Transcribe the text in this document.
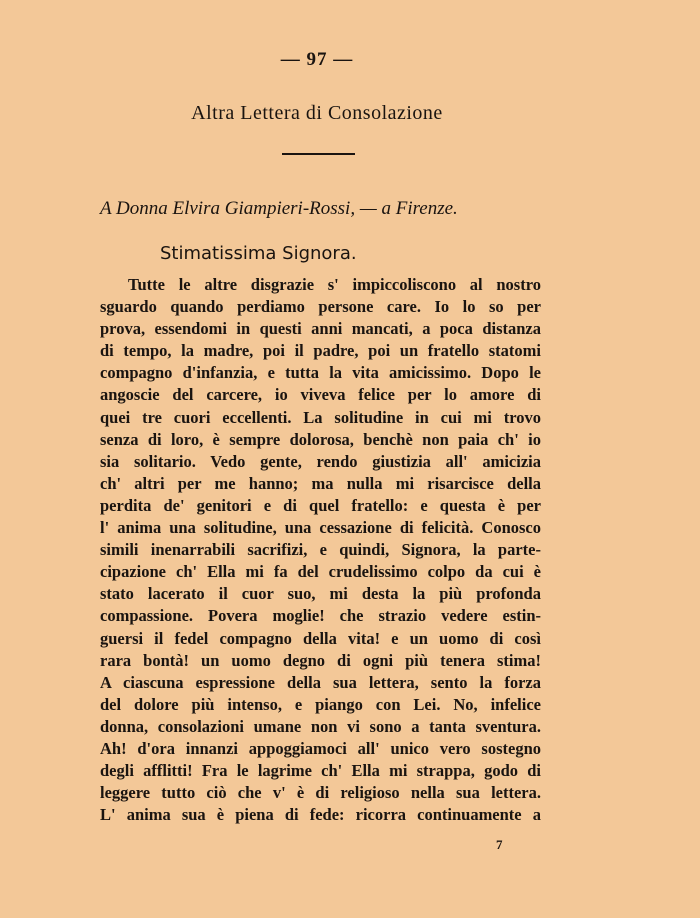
— 97 —
Altra Lettera di Consolazione
A Donna Elvira Giampieri-Rossi, — a Firenze.
Stimatissima Signora.
Tutte le altre disgrazie s' impiccoliscono al nostro
sguardo quando perdiamo persone care. Io lo so per
prova, essendomi in questi anni mancati, a poca distanza
di tempo, la madre, poi il padre, poi un fratello statomi
compagno d'infanzia, e tutta la vita amicissimo. Dopo le
angoscie del carcere, io viveva felice per lo amore di
quei tre cuori eccellenti. La solitudine in cui mi trovo
senza di loro, è sempre dolorosa, benchè non paia ch' io
sia solitario. Vedo gente, rendo giustizia all' amicizia
ch' altri per me hanno; ma nulla mi risarcisce della
perdita de' genitori e di quel fratello: e questa è per
l' anima una solitudine, una cessazione di felicità. Conosco
simili inenarrabili sacrifizi, e quindi, Signora, la parte-
cipazione ch' Ella mi fa del crudelissimo colpo da cui è
stato lacerato il cuor suo, mi desta la più profonda
compassione. Povera moglie! che strazio vedere estin-
guersi il fedel compagno della vita! e un uomo di così
rara bontà! un uomo degno di ogni più tenera stima!
A ciascuna espressione della sua lettera, sento la forza
del dolore più intenso, e piango con Lei. No, infelice
donna, consolazioni umane non vi sono a tanta sventura.
Ah! d'ora innanzi appoggiamoci all' unico vero sostegno
degli afflitti! Fra le lagrime ch' Ella mi strappa, godo di
leggere tutto ciò che v' è di religioso nella sua lettera.
L' anima sua è piena di fede: ricorra continuamente a
7
